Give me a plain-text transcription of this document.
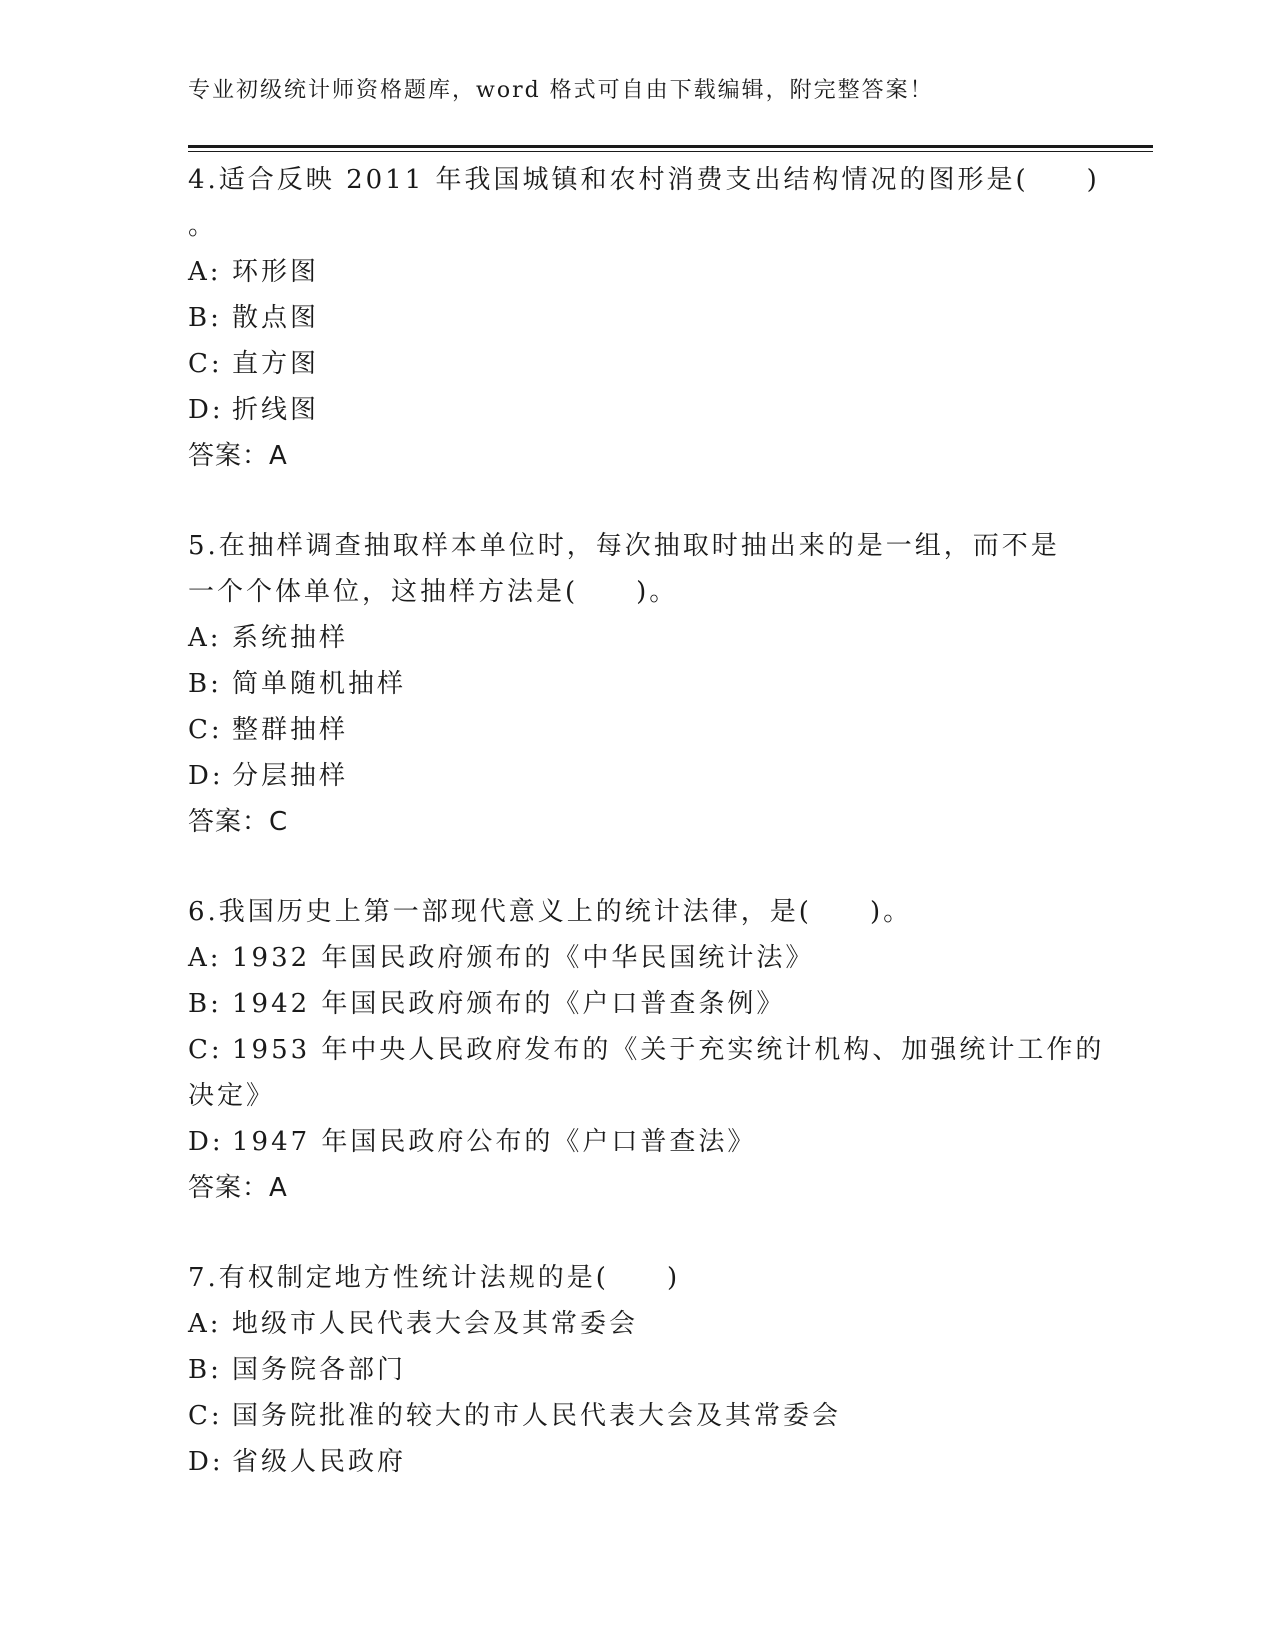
专业初级统计师资格题库，word 格式可自由下载编辑，附完整答案！
4.适合反映 2011 年我国城镇和农村消费支出结构情况的图形是(　　)
。
A: 环形图
B: 散点图
C: 直方图
D: 折线图
答案：A
5.在抽样调查抽取样本单位时，每次抽取时抽出来的是一组，而不是
一个个体单位，这抽样方法是(　　)。
A: 系统抽样
B: 简单随机抽样
C: 整群抽样
D: 分层抽样
答案：C
6.我国历史上第一部现代意义上的统计法律，是(　　)。
A: 1932 年国民政府颁布的《中华民国统计法》
B: 1942 年国民政府颁布的《户口普查条例》
C: 1953 年中央人民政府发布的《关于充实统计机构、加强统计工作的
决定》
D: 1947 年国民政府公布的《户口普查法》
答案：A
7.有权制定地方性统计法规的是(　　)
A: 地级市人民代表大会及其常委会
B: 国务院各部门
C: 国务院批准的较大的市人民代表大会及其常委会
D: 省级人民政府
